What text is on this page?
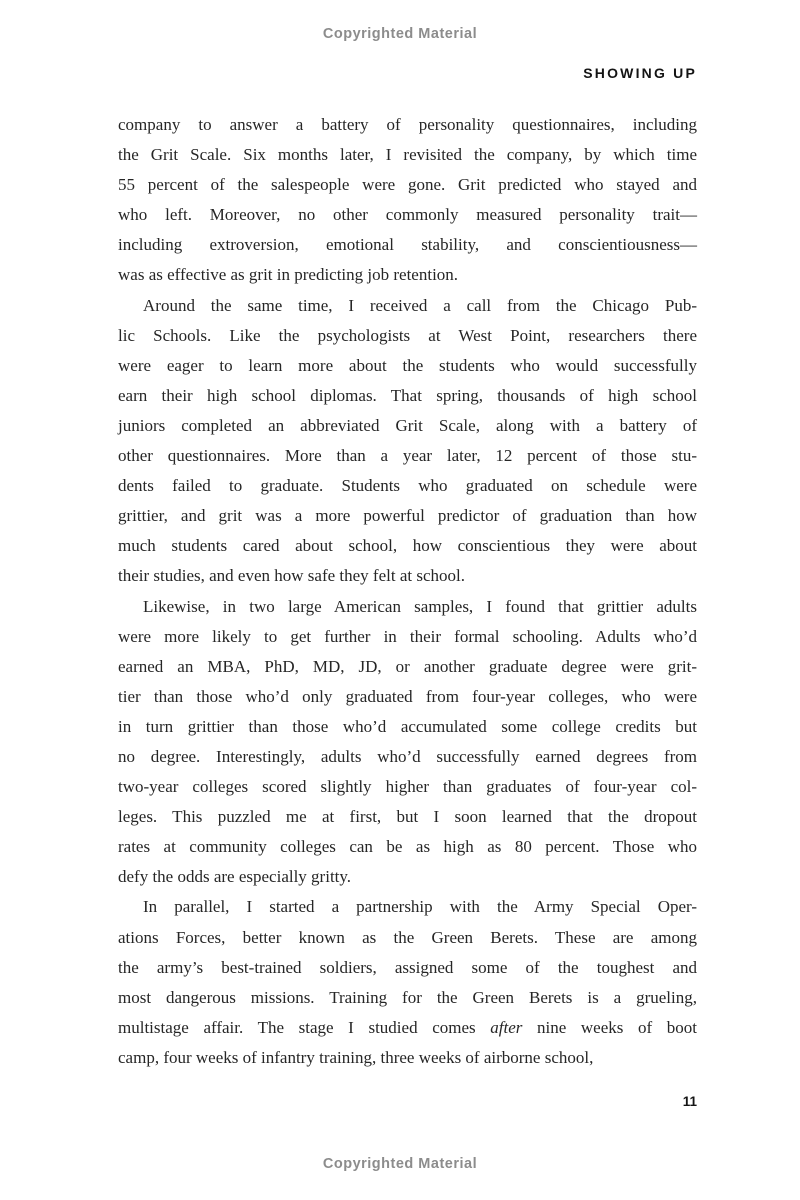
Copyrighted Material
SHOWING UP
company to answer a battery of personality questionnaires, including
the Grit Scale. Six months later, I revisited the company, by which time
55 percent of the salespeople were gone. Grit predicted who stayed and
who left. Moreover, no other commonly measured personality trait—
including extroversion, emotional stability, and conscientiousness—
was as effective as grit in predicting job retention.
Around the same time, I received a call from the Chicago Pub-
lic Schools. Like the psychologists at West Point, researchers there
were eager to learn more about the students who would successfully
earn their high school diplomas. That spring, thousands of high school
juniors completed an abbreviated Grit Scale, along with a battery of
other questionnaires. More than a year later, 12 percent of those stu-
dents failed to graduate. Students who graduated on schedule were
grittier, and grit was a more powerful predictor of graduation than how
much students cared about school, how conscientious they were about
their studies, and even how safe they felt at school.
Likewise, in two large American samples, I found that grittier adults
were more likely to get further in their formal schooling. Adults who’d
earned an MBA, PhD, MD, JD, or another graduate degree were grit-
tier than those who’d only graduated from four-year colleges, who were
in turn grittier than those who’d accumulated some college credits but
no degree. Interestingly, adults who’d successfully earned degrees from
two-year colleges scored slightly higher than graduates of four-year col-
leges. This puzzled me at first, but I soon learned that the dropout
rates at community colleges can be as high as 80 percent. Those who
defy the odds are especially gritty.
In parallel, I started a partnership with the Army Special Oper-
ations Forces, better known as the Green Berets. These are among
the army’s best-trained soldiers, assigned some of the toughest and
most dangerous missions. Training for the Green Berets is a grueling,
multistage affair. The stage I studied comes after nine weeks of boot
camp, four weeks of infantry training, three weeks of airborne school,
11
Copyrighted Material
